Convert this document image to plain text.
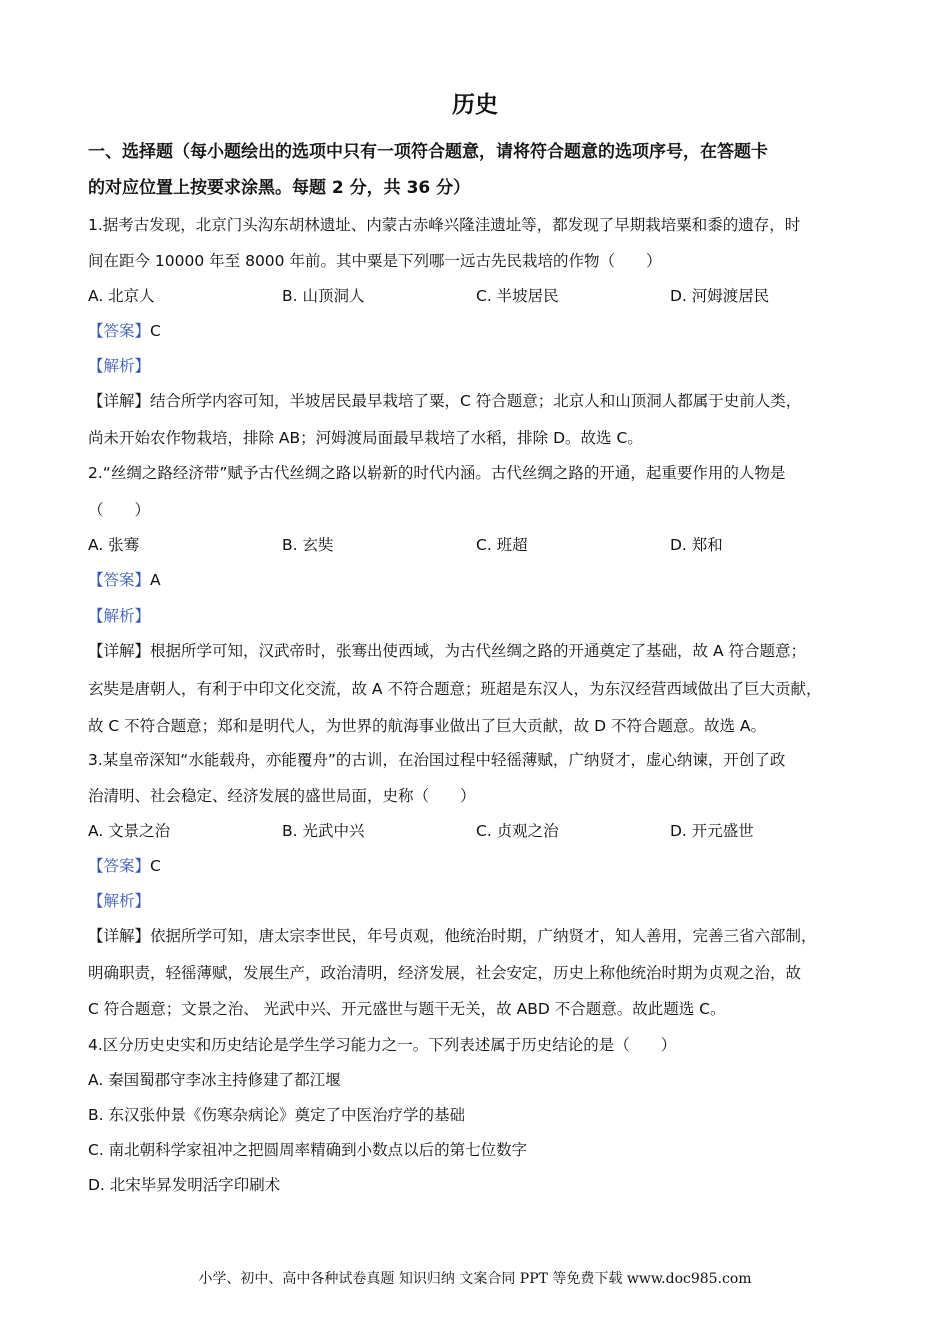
历史
一、选择题（每小题绘出的选项中只有一项符合题意，请将符合题意的选项序号，在答题卡
的对应位置上按要求涂黑。每题 2 分，共 36 分）
1.据考古发现，北京门头沟东胡林遗址、内蒙古赤峰兴隆洼遗址等，都发现了早期栽培粟和黍的遗存，时
间在距今 10000 年至 8000 年前。其中粟是下列哪一远古先民栽培的作物（　　）
A. 北京人	B. 山顶洞人	C. 半坡居民	D. 河姆渡居民
【答案】C
【解析】
【详解】结合所学内容可知，半坡居民最早栽培了粟，C 符合题意；北京人和山顶洞人都属于史前人类，
尚未开始农作物栽培，排除 AB；河姆渡局面最早栽培了水稻，排除 D。故选 C。
2.“丝绸之路经济带”赋予古代丝绸之路以崭新的时代内涵。古代丝绸之路的开通，起重要作用的人物是
（　　）
A. 张骞	B. 玄奘	C. 班超	D. 郑和
【答案】A
【解析】
【详解】根据所学可知，汉武帝时，张骞出使西域，为古代丝绸之路的开通奠定了基础，故 A 符合题意；
玄奘是唐朝人，有利于中印文化交流，故 A 不符合题意；班超是东汉人，为东汉经营西域做出了巨大贡献，
故 C 不符合题意；郑和是明代人，为世界的航海事业做出了巨大贡献，故 D 不符合题意。故选 A。
3.某皇帝深知“水能载舟，亦能覆舟”的古训，在治国过程中轻徭薄赋，广纳贤才，虚心纳谏，开创了政
治清明、社会稳定、经济发展的盛世局面，史称（　　）
A. 文景之治	B. 光武中兴	C. 贞观之治	D. 开元盛世
【答案】C
【解析】
【详解】依据所学可知，唐太宗李世民，年号贞观，他统治时期，广纳贤才，知人善用，完善三省六部制，
明确职责，轻徭薄赋，发展生产，政治清明，经济发展，社会安定，历史上称他统治时期为贞观之治，故
C 符合题意；文景之治、 光武中兴、开元盛世与题干无关，故 ABD 不合题意。故此题选 C。
4.区分历史史实和历史结论是学生学习能力之一。下列表述属于历史结论的是（　　）
A. 秦国蜀郡守李冰主持修建了都江堰
B. 东汉张仲景《伤寒杂病论》奠定了中医治疗学的基础
C. 南北朝科学家祖冲之把圆周率精确到小数点以后的第七位数字
D. 北宋毕昇发明活字印刷术
小学、初中、高中各种试卷真题 知识归纳 文案合同 PPT 等免费下载 www.doc985.com
